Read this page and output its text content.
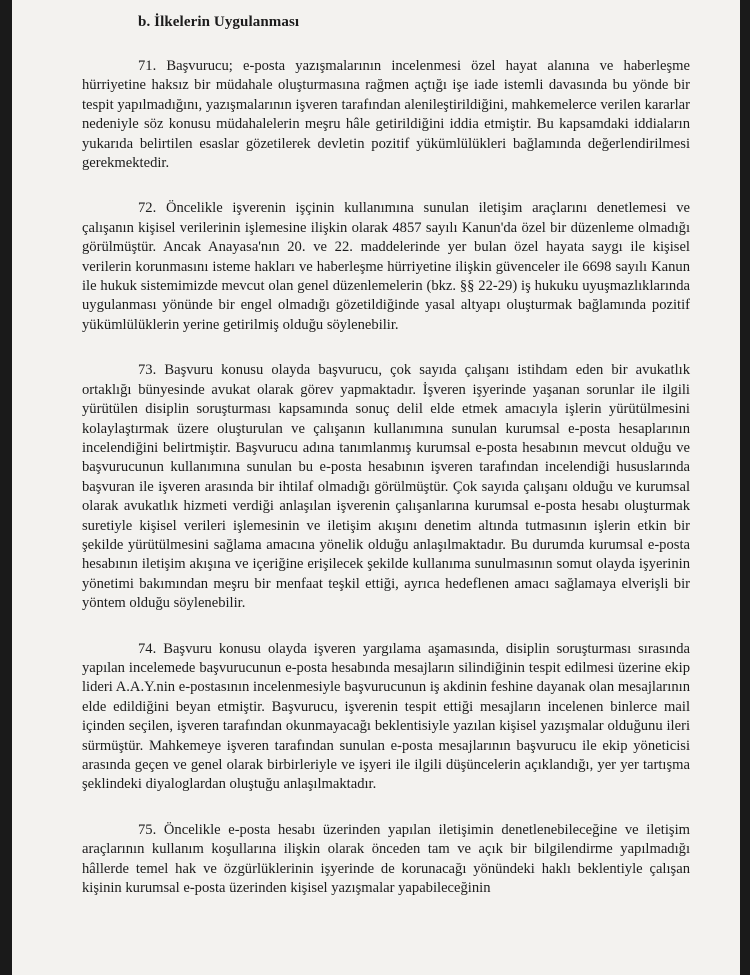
b. İlkelerin Uygulanması

71. Başvurucu; e-posta yazışmalarının incelenmesi özel hayat alanına ve haberleşme hürriyetine haksız bir müdahale oluşturmasına rağmen açtığı işe iade istemli davasında bu yönde bir tespit yapılmadığını, yazışmalarının işveren tarafından alenileştirildiğini, mahkemelerce verilen kararlar nedeniyle söz konusu müdahalelerin meşru hâle getirildiğini iddia etmiştir. Bu kapsamdaki iddiaların yukarıda belirtilen esaslar gözetilerek devletin pozitif yükümlülükleri bağlamında değerlendirilmesi gerekmektedir.

72. Öncelikle işverenin işçinin kullanımına sunulan iletişim araçlarını denetlemesi ve çalışanın kişisel verilerinin işlemesine ilişkin olarak 4857 sayılı Kanun'da özel bir düzenleme olmadığı görülmüştür. Ancak Anayasa'nın 20. ve 22. maddelerinde yer bulan özel hayata saygı ile kişisel verilerin korunmasını isteme hakları ve haberleşme hürriyetine ilişkin güvenceler ile 6698 sayılı Kanun ile hukuk sistemimizde mevcut olan genel düzenlemelerin (bkz. §§ 22-29) iş hukuku uyuşmazlıklarında uygulanması yönünde bir engel olmadığı gözetildiğinde yasal altyapı oluşturmak bağlamında pozitif yükümlülüklerin yerine getirilmiş olduğu söylenebilir.

73. Başvuru konusu olayda başvurucu, çok sayıda çalışanı istihdam eden bir avukatlık ortaklığı bünyesinde avukat olarak görev yapmaktadır. İşveren işyerinde yaşanan sorunlar ile ilgili yürütülen disiplin soruşturması kapsamında sonuç delil elde etmek amacıyla işlerin yürütülmesini kolaylaştırmak üzere oluşturulan ve çalışanın kullanımına sunulan kurumsal e-posta hesaplarının incelendiğini belirtmiştir. Başvurucu adına tanımlanmış kurumsal e-posta hesabının mevcut olduğu ve başvurucunun kullanımına sunulan bu e-posta hesabının işveren tarafından incelendiği hususlarında başvuran ile işveren arasında bir ihtilaf olmadığı görülmüştür. Çok sayıda çalışanı olduğu ve kurumsal olarak avukatlık hizmeti verdiği anlaşılan işverenin çalışanlarına kurumsal e-posta hesabı oluşturmak suretiyle kişisel verileri işlemesinin ve iletişim akışını denetim altında tutmasının işlerin etkin bir şekilde yürütülmesini sağlama amacına yönelik olduğu anlaşılmaktadır. Bu durumda kurumsal e-posta hesabının iletişim akışına ve içeriğine erişilecek şekilde kullanıma sunulmasının somut olayda işyerinin yönetimi bakımından meşru bir menfaat teşkil ettiği, ayrıca hedeflenen amacı sağlamaya elverişli bir yöntem olduğu söylenebilir.

74. Başvuru konusu olayda işveren yargılama aşamasında, disiplin soruşturması sırasında yapılan incelemede başvurucunun e-posta hesabında mesajların silindiğinin tespit edilmesi üzerine ekip lideri A.A.Y.nin e-postasının incelenmesiyle başvurucunun iş akdinin feshine dayanak olan mesajlarının elde edildiğini beyan etmiştir. Başvurucu, işverenin tespit ettiği mesajların incelenen binlerce mail içinden seçilen, işveren tarafından okunmayacağı beklentisiyle yazılan kişisel yazışmalar olduğunu ileri sürmüştür. Mahkemeye işveren tarafından sunulan e-posta mesajlarının başvurucu ile ekip yöneticisi arasında geçen ve genel olarak birbirleriyle ve işyeri ile ilgili düşüncelerin açıklandığı, yer yer tartışma şeklindeki diyaloglardan oluştuğu anlaşılmaktadır.

75. Öncelikle e-posta hesabı üzerinden yapılan iletişimin denetlenebileceğine ve iletişim araçlarının kullanım koşullarına ilişkin olarak önceden tam ve açık bir bilgilendirme yapılmadığı hâllerde temel hak ve özgürlüklerinin işyerinde de korunacağı yönündeki haklı beklentiyle çalışan kişinin kurumsal e-posta üzerinden kişisel yazışmalar yapabileceğinin
